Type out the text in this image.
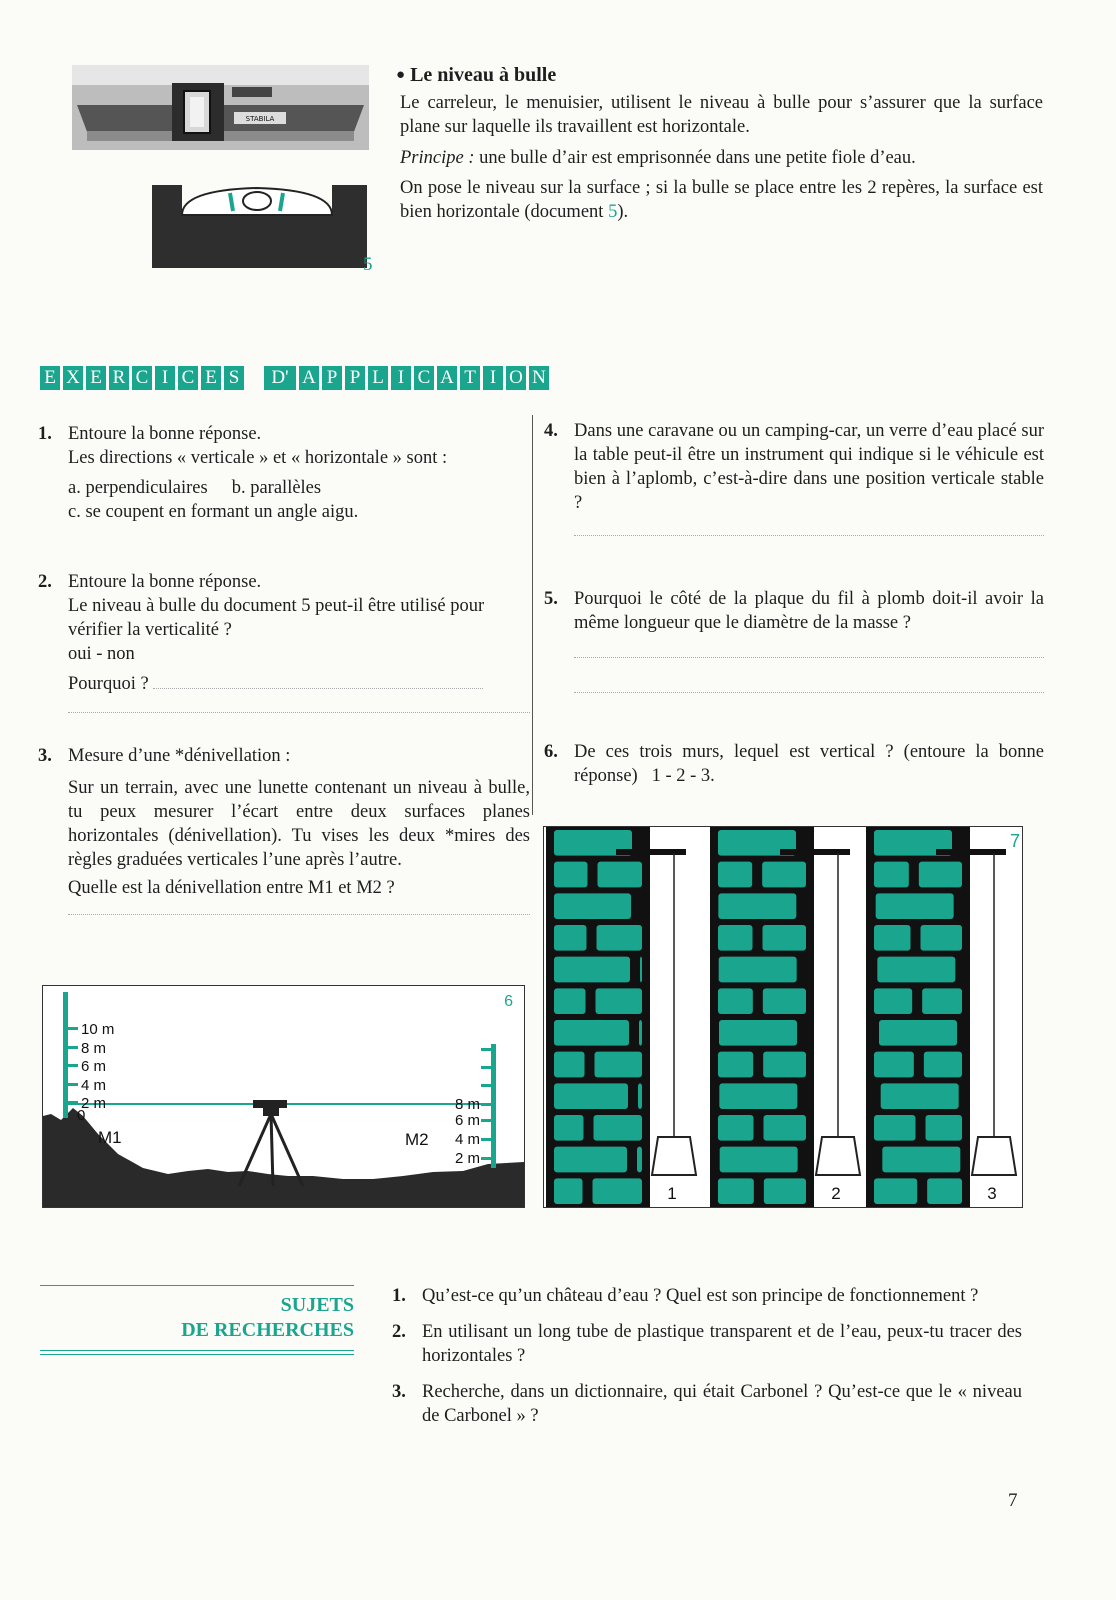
STABILA
5
● Le niveau à bulle

Le carreleur, le menuisier, utilisent le niveau à bulle pour s’assurer que la surface plane sur laquelle ils travaillent est horizontale.

Principe : une bulle d’air est emprisonnée dans une petite fiole d’eau.

On pose le niveau sur la surface ; si la bulle se place entre les 2 repères, la surface est bien horizontale (document 5).

E X E R C I C E S	D' A P P L I C A T I O N
1. Entoure la bonne réponse.

Les directions « verticale » et « horizontale » sont :

a. perpendiculaires b. parallèles

c. se coupent en formant un angle aigu.

2. Entoure la bonne réponse.

Le niveau à bulle du document 5 peut-il être utilisé pour vérifier la verticalité ?

oui - non

Pourquoi ?

3. Mesure d’une *dénivellation :

Sur un terrain, avec une lunette contenant un niveau à bulle, tu peux mesurer l’écart entre deux surfaces planes horizontales (dénivellation). Tu vises les deux *mires des règles graduées verticales l’une après l’autre.

Quelle est la dénivellation entre M1 et M2 ?

6
10 m
8 m
6 m
4 m
2 m
0
8 m
6 m
4 m
2 m
M1	M2
4. Dans une caravane ou un camping-car, un verre d’eau placé sur la table peut-il être un instrument qui indique si le véhicule est bien à l’aplomb, c’est-à-dire dans une position verticale stable ?

5. Pourquoi le côté de la plaque du fil à plomb doit-il avoir la même longueur que le diamètre de la masse ?

6. De ces trois murs, lequel est vertical ? (entoure la bonne réponse) 1 - 2 - 3.

1	2	3
7
SUJETS
DE RECHERCHES
1. Qu’est-ce qu’un château d’eau ? Quel est son principe de fonctionnement ?

2. En utilisant un long tube de plastique transparent et de l’eau, peux-tu tracer des horizontales ?

3. Recherche, dans un dictionnaire, qui était Carbonel ? Qu’est-ce que le « niveau de Carbonel » ?

7
